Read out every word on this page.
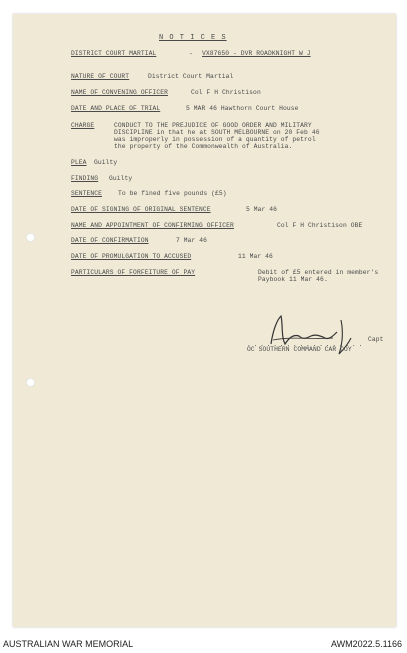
N O T I C E S
DISTRICT COURT MARTIAL	- VX87650 - DVR ROADKNIGHT W J
NATURE OF COURT	District Court Martial
NAME OF CONVENING OFFICER	Col F H Christison
DATE AND PLACE OF TRIAL	5 MAR 46 Hawthorn Court House
CHARGE	CONDUCT TO THE PREJUDICE OF GOOD ORDER AND MILITARY
DISCIPLINE in that he at SOUTH MELBOURNE on 20 Feb 46
was improperly in possession of a quantity of petrol
the property of the Commonwealth of Australia.
PLEA Guilty
FINDING Guilty
SENTENCE	To be fined five pounds (£5)
DATE OF SIGNING OF ORIGINAL SENTENCE	5 Mar 46
NAME AND APPOINTMENT OF CONFIRMING OFFICER	Col F H Christison OBE
DATE OF CONFIRMATION	7 Mar 46
DATE OF PROMULGATION TO ACCUSED	11 Mar 46
PARTICULARS OF FORFEITURE OF PAY	Debit of £5 entered in member's
Paybook 11 Mar 46.
. . . . . . . . . . . . . . . . . .
Capt
OC SOUTHERN COMMAND CAR COY
AUSTRALIAN WAR MEMORIAL	AWM2022.5.1166
